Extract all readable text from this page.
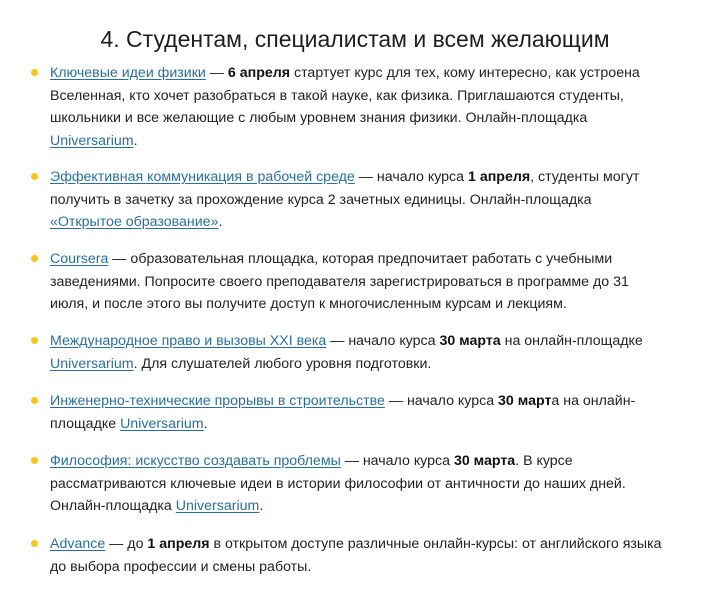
4. Студентам, специалистам и всем желающим
Ключевые идеи физики — 6 апреля стартует курс для тех, кому интересно, как устроена Вселенная, кто хочет разобраться в такой науке, как физика. Приглашаются студенты, школьники и все желающие с любым уровнем знания физики. Онлайн-площадка Universarium.
Эффективная коммуникация в рабочей среде — начало курса 1 апреля, студенты могут получить в зачетку за прохождение курса 2 зачетных единицы. Онлайн-площадка «Открытое образование».
Coursera — образовательная площадка, которая предпочитает работать с учебными заведениями. Попросите своего преподавателя зарегистрироваться в программе до 31 июля, и после этого вы получите доступ к многочисленным курсам и лекциям.
Международное право и вызовы XXI века — начало курса 30 марта на онлайн-площадке Universarium. Для слушателей любого уровня подготовки.
Инженерно-технические прорывы в строительстве — начало курса 30 марта на онлайн-площадке Universarium.
Философия: искусство создавать проблемы — начало курса 30 марта. В курсе рассматриваются ключевые идеи в истории философии от античности до наших дней. Онлайн-площадка Universarium.
Advance — до 1 апреля в открытом доступе различные онлайн-курсы: от английского языка до выбора профессии и смены работы.
